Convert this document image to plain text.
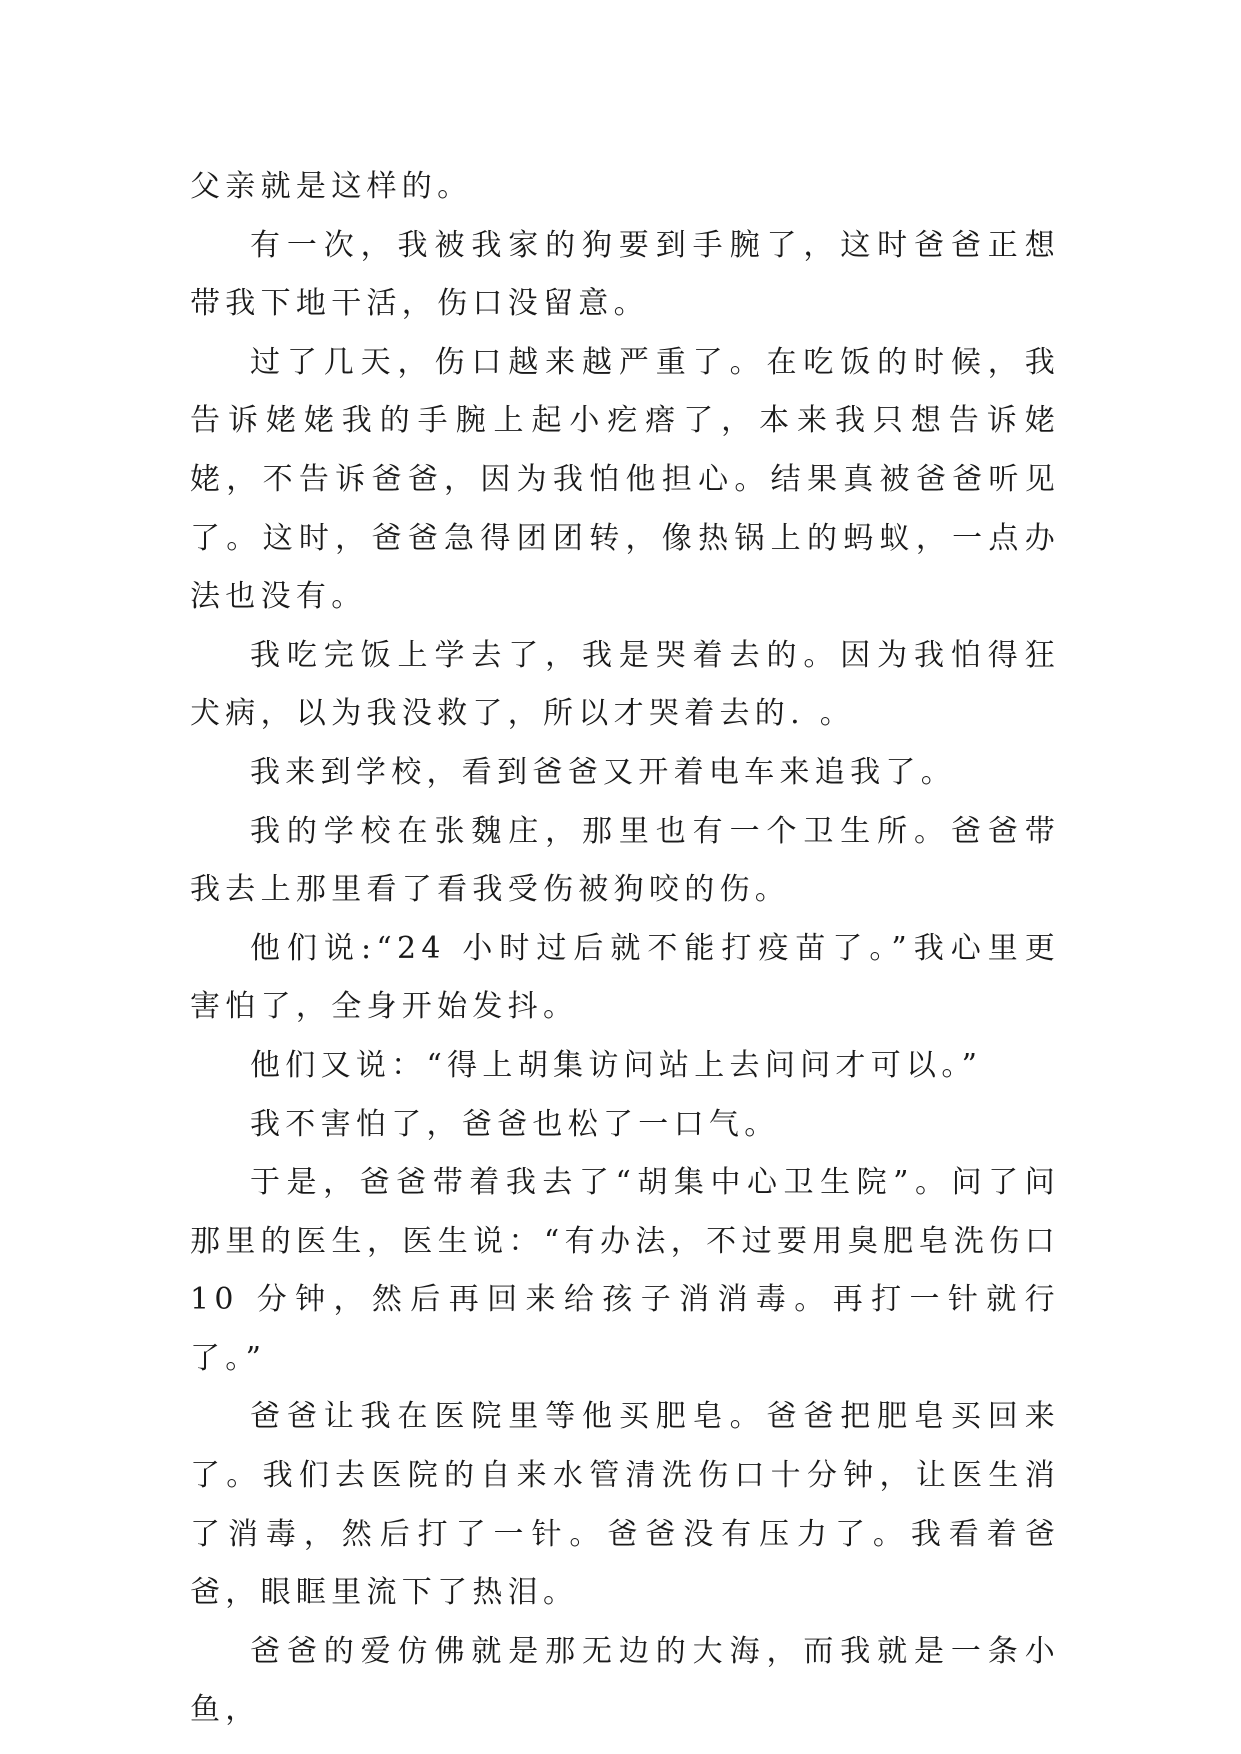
父亲就是这样的。

有一次，我被我家的狗要到手腕了，这时爸爸正想带我下地干活，伤口没留意。

过了几天，伤口越来越严重了。在吃饭的时候，我告诉姥姥我的手腕上起小疙瘩了，本来我只想告诉姥姥，不告诉爸爸，因为我怕他担心。结果真被爸爸听见了。这时，爸爸急得团团转，像热锅上的蚂蚁，一点办法也没有。

我吃完饭上学去了，我是哭着去的。因为我怕得狂犬病，以为我没救了，所以才哭着去的. 。

我来到学校，看到爸爸又开着电车来追我了。

我的学校在张魏庄，那里也有一个卫生所。爸爸带我去上那里看了看我受伤被狗咬的伤。

他们说:“24 小时过后就不能打疫苗了。”我心里更害怕了，全身开始发抖。

他们又说：“得上胡集访问站上去问问才可以。”

我不害怕了，爸爸也松了一口气。

于是，爸爸带着我去了“胡集中心卫生院”。问了问那里的医生，医生说：“有办法，不过要用臭肥皂洗伤口 10 分钟，然后再回来给孩子消消毒。再打一针就行了。”

爸爸让我在医院里等他买肥皂。爸爸把肥皂买回来了。我们去医院的自来水管清洗伤口十分钟，让医生消了消毒，然后打了一针。爸爸没有压力了。我看着爸爸，眼眶里流下了热泪。

爸爸的爱仿佛就是那无边的大海，而我就是一条小鱼，
